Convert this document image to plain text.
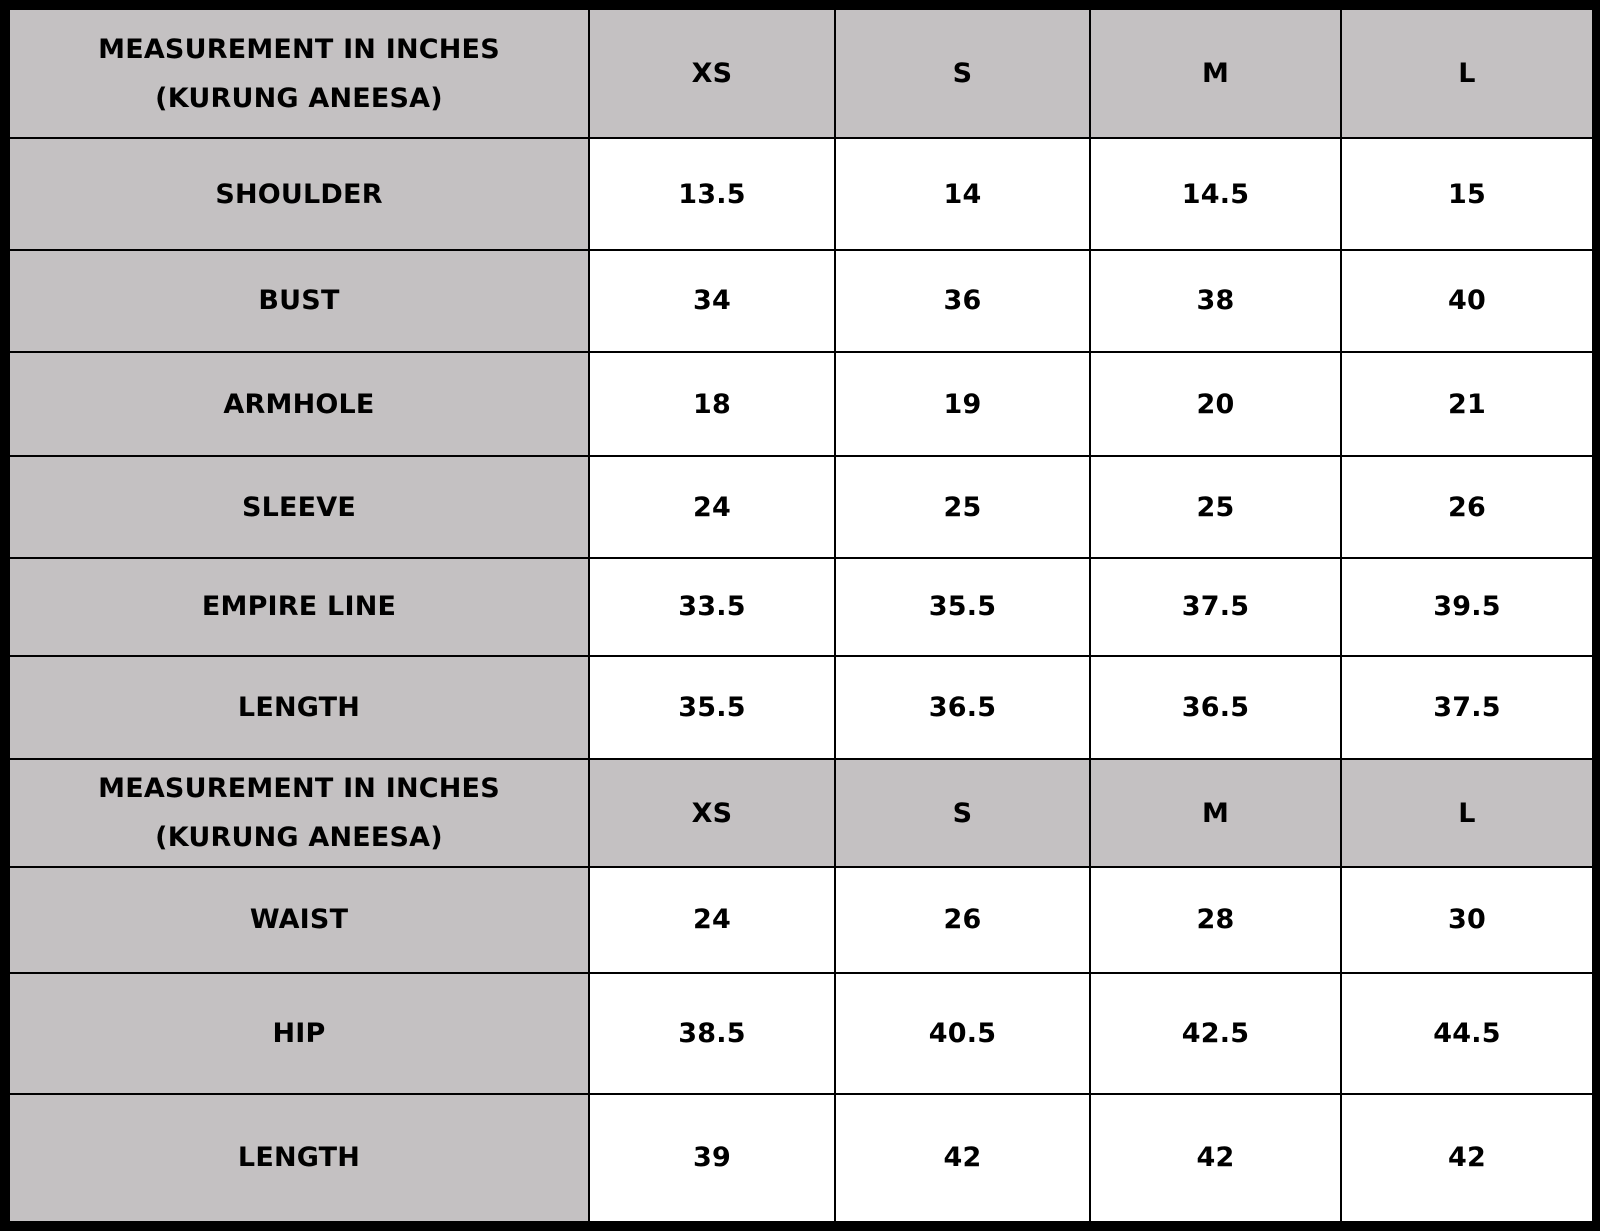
MEASUREMENT IN INCHES
(KURUNG ANEESA)	XS	S	M	L
SHOULDER	13.5	14	14.5	15
BUST	34	36	38	40
ARMHOLE	18	19	20	21
SLEEVE	24	25	25	26
EMPIRE LINE	33.5	35.5	37.5	39.5
LENGTH	35.5	36.5	36.5	37.5

MEASUREMENT IN INCHES
(KURUNG ANEESA)	XS	S	M	L
WAIST	24	26	28	30
HIP	38.5	40.5	42.5	44.5
LENGTH	39	42	42	42
